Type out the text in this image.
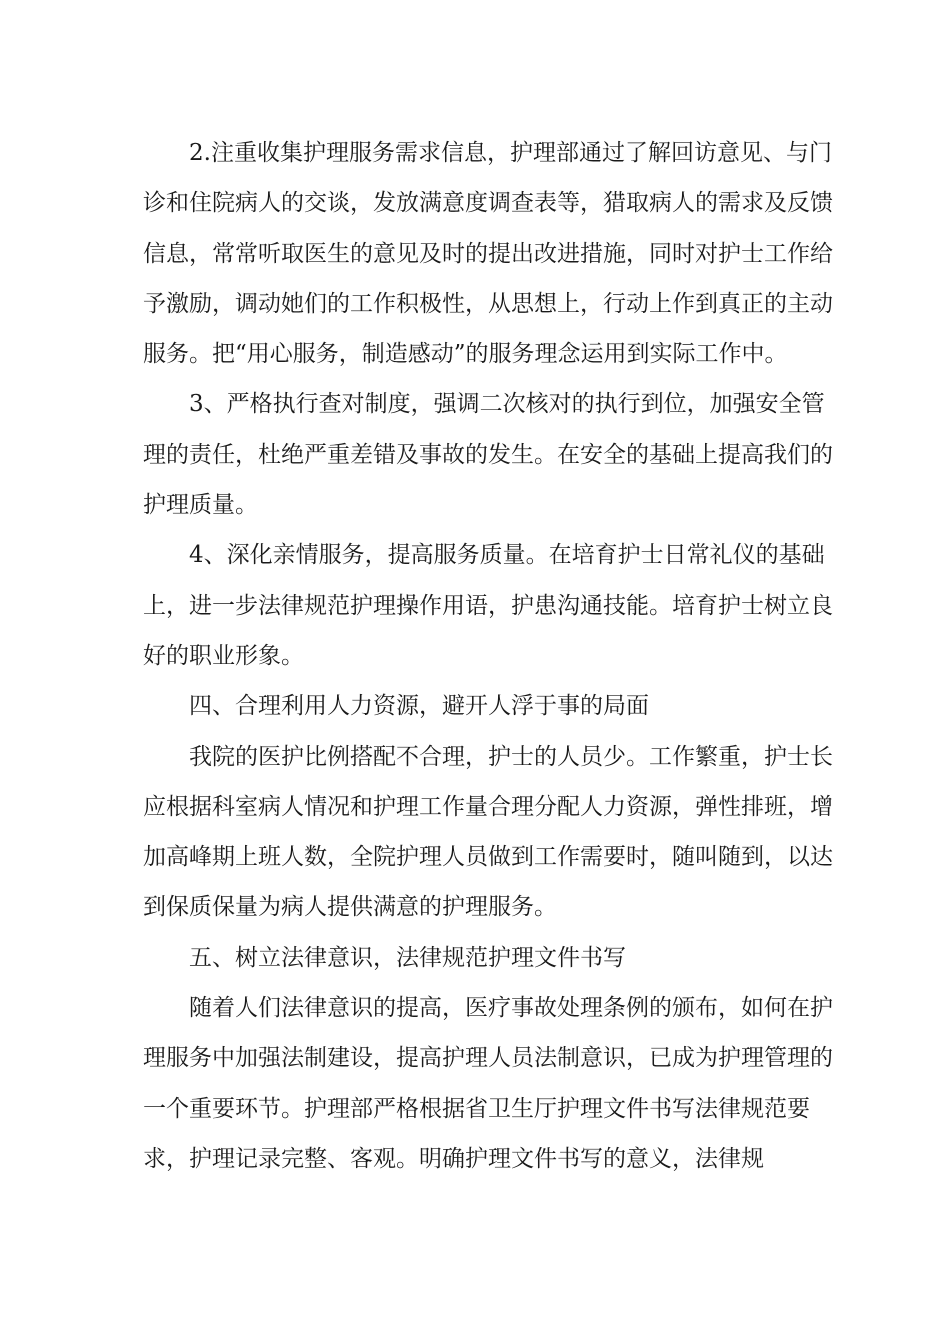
2.注重收集护理服务需求信息，护理部通过了解回访意见、与门诊和住院病人的交谈，发放满意度调查表等，猎取病人的需求及反馈信息，常常听取医生的意见及时的提出改进措施，同时对护士工作给予激励，调动她们的工作积极性，从思想上，行动上作到真正的主动服务。把“用心服务，制造感动”的服务理念运用到实际工作中。

3、严格执行查对制度，强调二次核对的执行到位，加强安全管理的责任，杜绝严重差错及事故的发生。在安全的基础上提高我们的护理质量。

4、深化亲情服务，提高服务质量。在培育护士日常礼仪的基础上，进一步法律规范护理操作用语，护患沟通技能。培育护士树立良好的职业形象。

四、合理利用人力资源，避开人浮于事的局面

我院的医护比例搭配不合理，护士的人员少。工作繁重，护士长应根据科室病人情况和护理工作量合理分配人力资源，弹性排班，增加高峰期上班人数，全院护理人员做到工作需要时，随叫随到，以达到保质保量为病人提供满意的护理服务。

五、树立法律意识，法律规范护理文件书写

随着人们法律意识的提高，医疗事故处理条例的颁布，如何在护理服务中加强法制建设，提高护理人员法制意识，已成为护理管理的一个重要环节。护理部严格根据省卫生厅护理文件书写法律规范要求，护理记录完整、客观。明确护理文件书写的意义，法律规
